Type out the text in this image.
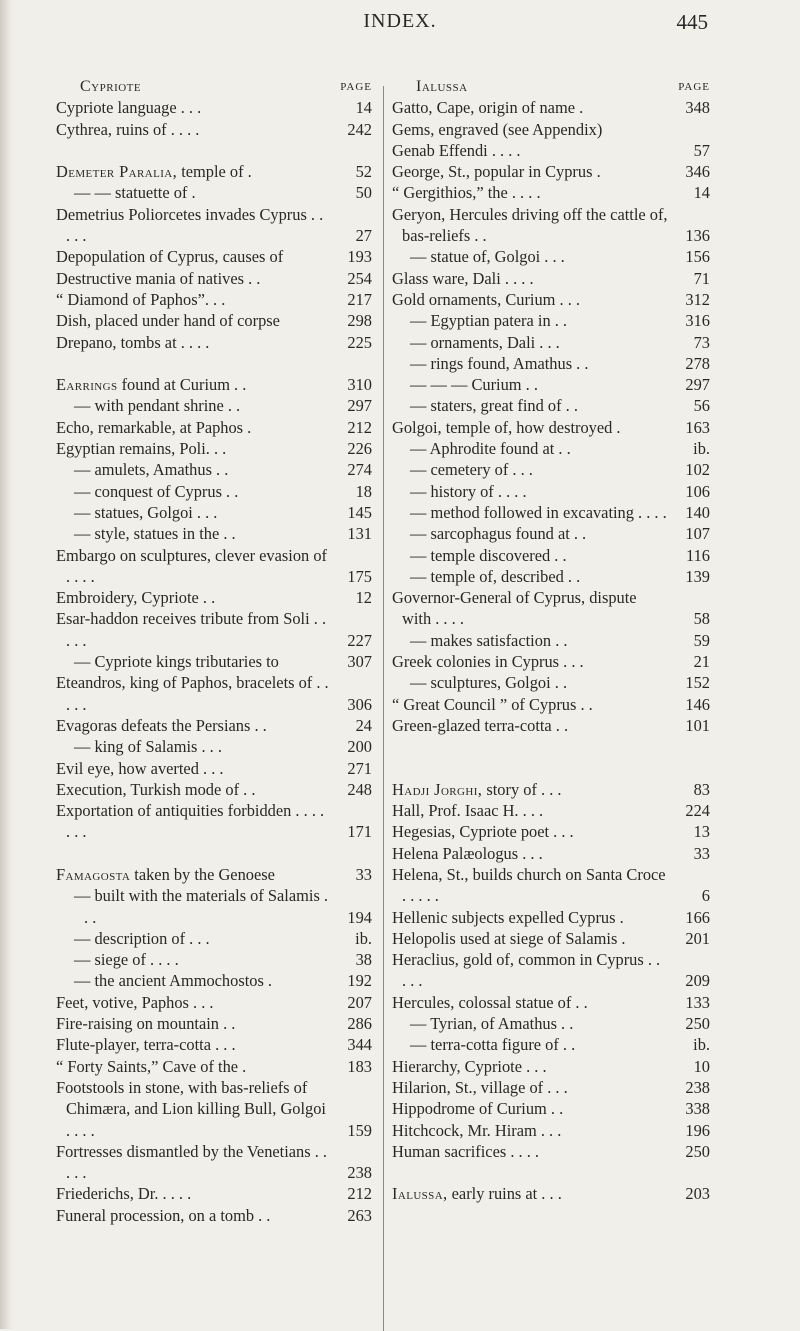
INDEX.	445
Cypriote	PAGE
Cypriote language . . .	14
Cythrea, ruins of . . . .	242
Demeter Paralia, temple of .	52
— — statuette of .	50
Demetrius Poliorcetes invades Cyprus . . . . .	27
Depopulation of Cyprus, causes of	193
Destructive mania of natives . .	254
“ Diamond of Paphos”. . .	217
Dish, placed under hand of corpse	298
Drepano, tombs at . . . .	225
Earrings found at Curium . .	310
— with pendant shrine . .	297
Echo, remarkable, at Paphos .	212
Egyptian remains, Poli. . .	226
— amulets, Amathus . .	274
— conquest of Cyprus . .	18
— statues, Golgoi . . .	145
— style, statues in the . .	131
Embargo on sculptures, clever evasion of . . . .	175
Embroidery, Cypriote . .	12
Esar-haddon receives tribute from Soli . . . . .	227
— Cypriote kings tributaries to	307
Eteandros, king of Paphos, bracelets of . . . . .	306
Evagoras defeats the Persians . .	24
— king of Salamis . . .	200
Evil eye, how averted . . .	271
Execution, Turkish mode of . .	248
Exportation of antiquities forbidden . . . . . . .	171
Famagosta taken by the Genoese	33
— built with the materials of Salamis . . .	194
— description of . . .	ib.
— siege of . . . .	38
— the ancient Ammochostos .	192
Feet, votive, Paphos . . .	207
Fire-raising on mountain . .	286
Flute-player, terra-cotta . . .	344
“ Forty Saints,” Cave of the .	183
Footstools in stone, with bas-reliefs of Chimæra, and Lion killing Bull, Golgoi . . . .	159
Fortresses dismantled by the Venetians . . . . .	238
Friederichs, Dr. . . . .	212
Funeral procession, on a tomb . .	263
Ialussa	PAGE
Gatto, Cape, origin of name .	348
Gems, engraved (see Appendix)
Genab Effendi . . . .	57
George, St., popular in Cyprus .	346
“ Gergithios,” the . . . .	14
Geryon, Hercules driving off the cattle of, bas-reliefs . .	136
— statue of, Golgoi . . .	156
Glass ware, Dali . . . .	71
Gold ornaments, Curium . . .	312
— Egyptian patera in . .	316
— ornaments, Dali . . .	73
— rings found, Amathus . .	278
— — — Curium . .	297
— staters, great find of . .	56
Golgoi, temple of, how destroyed .	163
— Aphrodite found at . .	ib.
— cemetery of . . .	102
— history of . . . .	106
— method followed in excavating . . . .	140
— sarcophagus found at . .	107
— temple discovered . .	116
— temple of, described . .	139
Governor-General of Cyprus, dispute with . . . .	58
— makes satisfaction . .	59
Greek colonies in Cyprus . . .	21
— sculptures, Golgoi . .	152
“ Great Council ” of Cyprus . .	146
Green-glazed terra-cotta . .	101
Hadji Jorghi, story of . . .	83
Hall, Prof. Isaac H. . . .	224
Hegesias, Cypriote poet . . .	13
Helena Palæologus . . .	33
Helena, St., builds church on Santa Croce . . . . .	6
Hellenic subjects expelled Cyprus .	166
Helopolis used at siege of Salamis .	201
Heraclius, gold of, common in Cyprus . . . . .	209
Hercules, colossal statue of . .	133
— Tyrian, of Amathus . .	250
— terra-cotta figure of . .	ib.
Hierarchy, Cypriote . . .	10
Hilarion, St., village of . . .	238
Hippodrome of Curium . .	338
Hitchcock, Mr. Hiram . . .	196
Human sacrifices . . . .	250
Ialussa, early ruins at . . .	203
